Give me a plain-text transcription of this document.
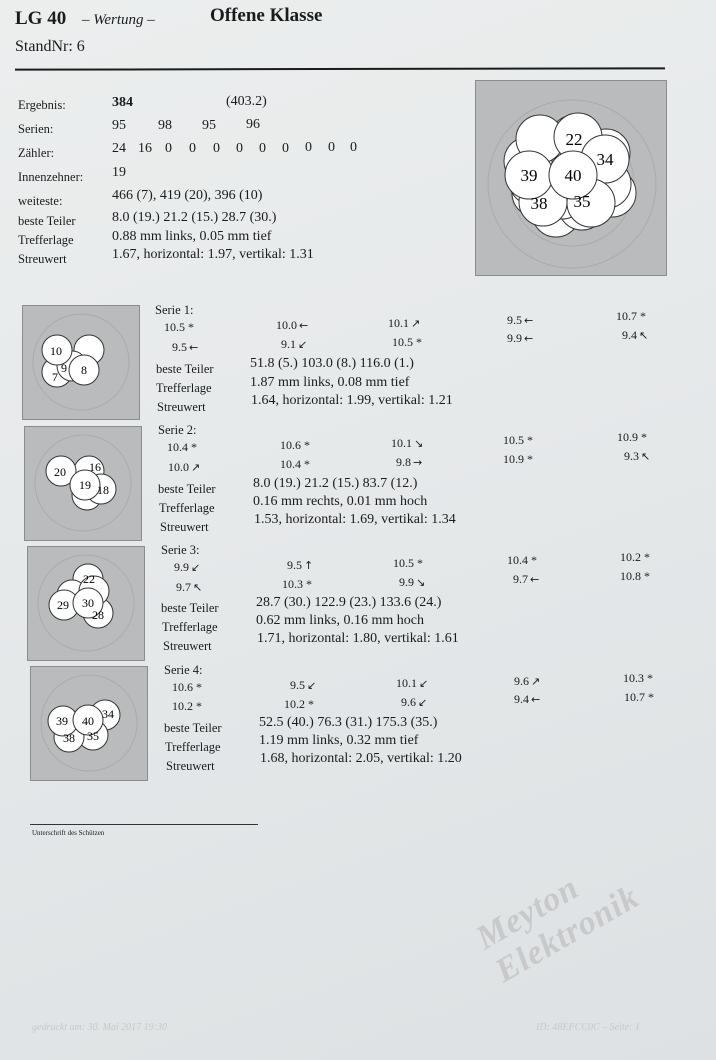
LG 40 – Wertung –	Offene Klasse
StandNr: 6
Ergebnis:	384	(403.2)
Serien:	95 98 95 96
Zähler:	24 16 0 0 0 0 0 0 0 0 0
Innenzehner: 19
weiteste:	466 (7), 419 (20), 396 (10)
beste Teiler	8.0 (19.) 21.2 (15.) 28.7 (30.)
Trefferlage	0.88 mm links, 0.05 mm tief
Streuwert	1.67, horizontal: 1.97, vertikal: 1.31
22
34
39 40
38 35
10
9 8
7
Serie 1:
10.5 *	10.0 ←	10.1 ↗	9.5 ←	10.7 *
9.5 ←	9.1 ↙	10.5 *	9.9 ←	9.4 ↖
beste Teiler	51.8 (5.) 103.0 (8.) 116.0 (1.)
Trefferlage	1.87 mm links, 0.08 mm tief
Streuwert	1.64, horizontal: 1.99, vertikal: 1.21
20
19 18
16
Serie 2:
10.4 *	10.6 *	10.1 ↘	10.5 *	10.9 *
10.0 ↗	10.4 *	9.8 →	10.9 *	9.3 ↖
beste Teiler	8.0 (19.) 21.2 (15.) 83.7 (12.)
Trefferlage	0.16 mm rechts, 0.01 mm hoch
Streuwert	1.53, horizontal: 1.69, vertikal: 1.34
22
29 30
28
Serie 3:
9.9 ↙	9.5 ↑	10.5 *	10.4 *	10.2 *
9.7 ↖	10.3 *	9.9 ↘	9.7 ←	10.8 *
beste Teiler	28.7 (30.) 122.9 (23.) 133.6 (24.)
Trefferlage	0.62 mm links, 0.16 mm hoch
Streuwert	1.71, horizontal: 1.80, vertikal: 1.61
39 40 34
38 35
Serie 4:
10.6 *	9.5 ↙	10.1 ↙	9.6 ↗	10.3 *
10.2 *	10.2 *	9.6 ↙	9.4 ←	10.7 *
beste Teiler	52.5 (40.) 76.3 (31.) 175.3 (35.)
Trefferlage	1.19 mm links, 0.32 mm tief
Streuwert	1.68, horizontal: 2.05, vertikal: 1.20
Unterschrift des Schützen
Meyton Elektronik
gedruckt am: 30. Mai 2017 19:30	ID: 48EFCC0C – Seite: 1
